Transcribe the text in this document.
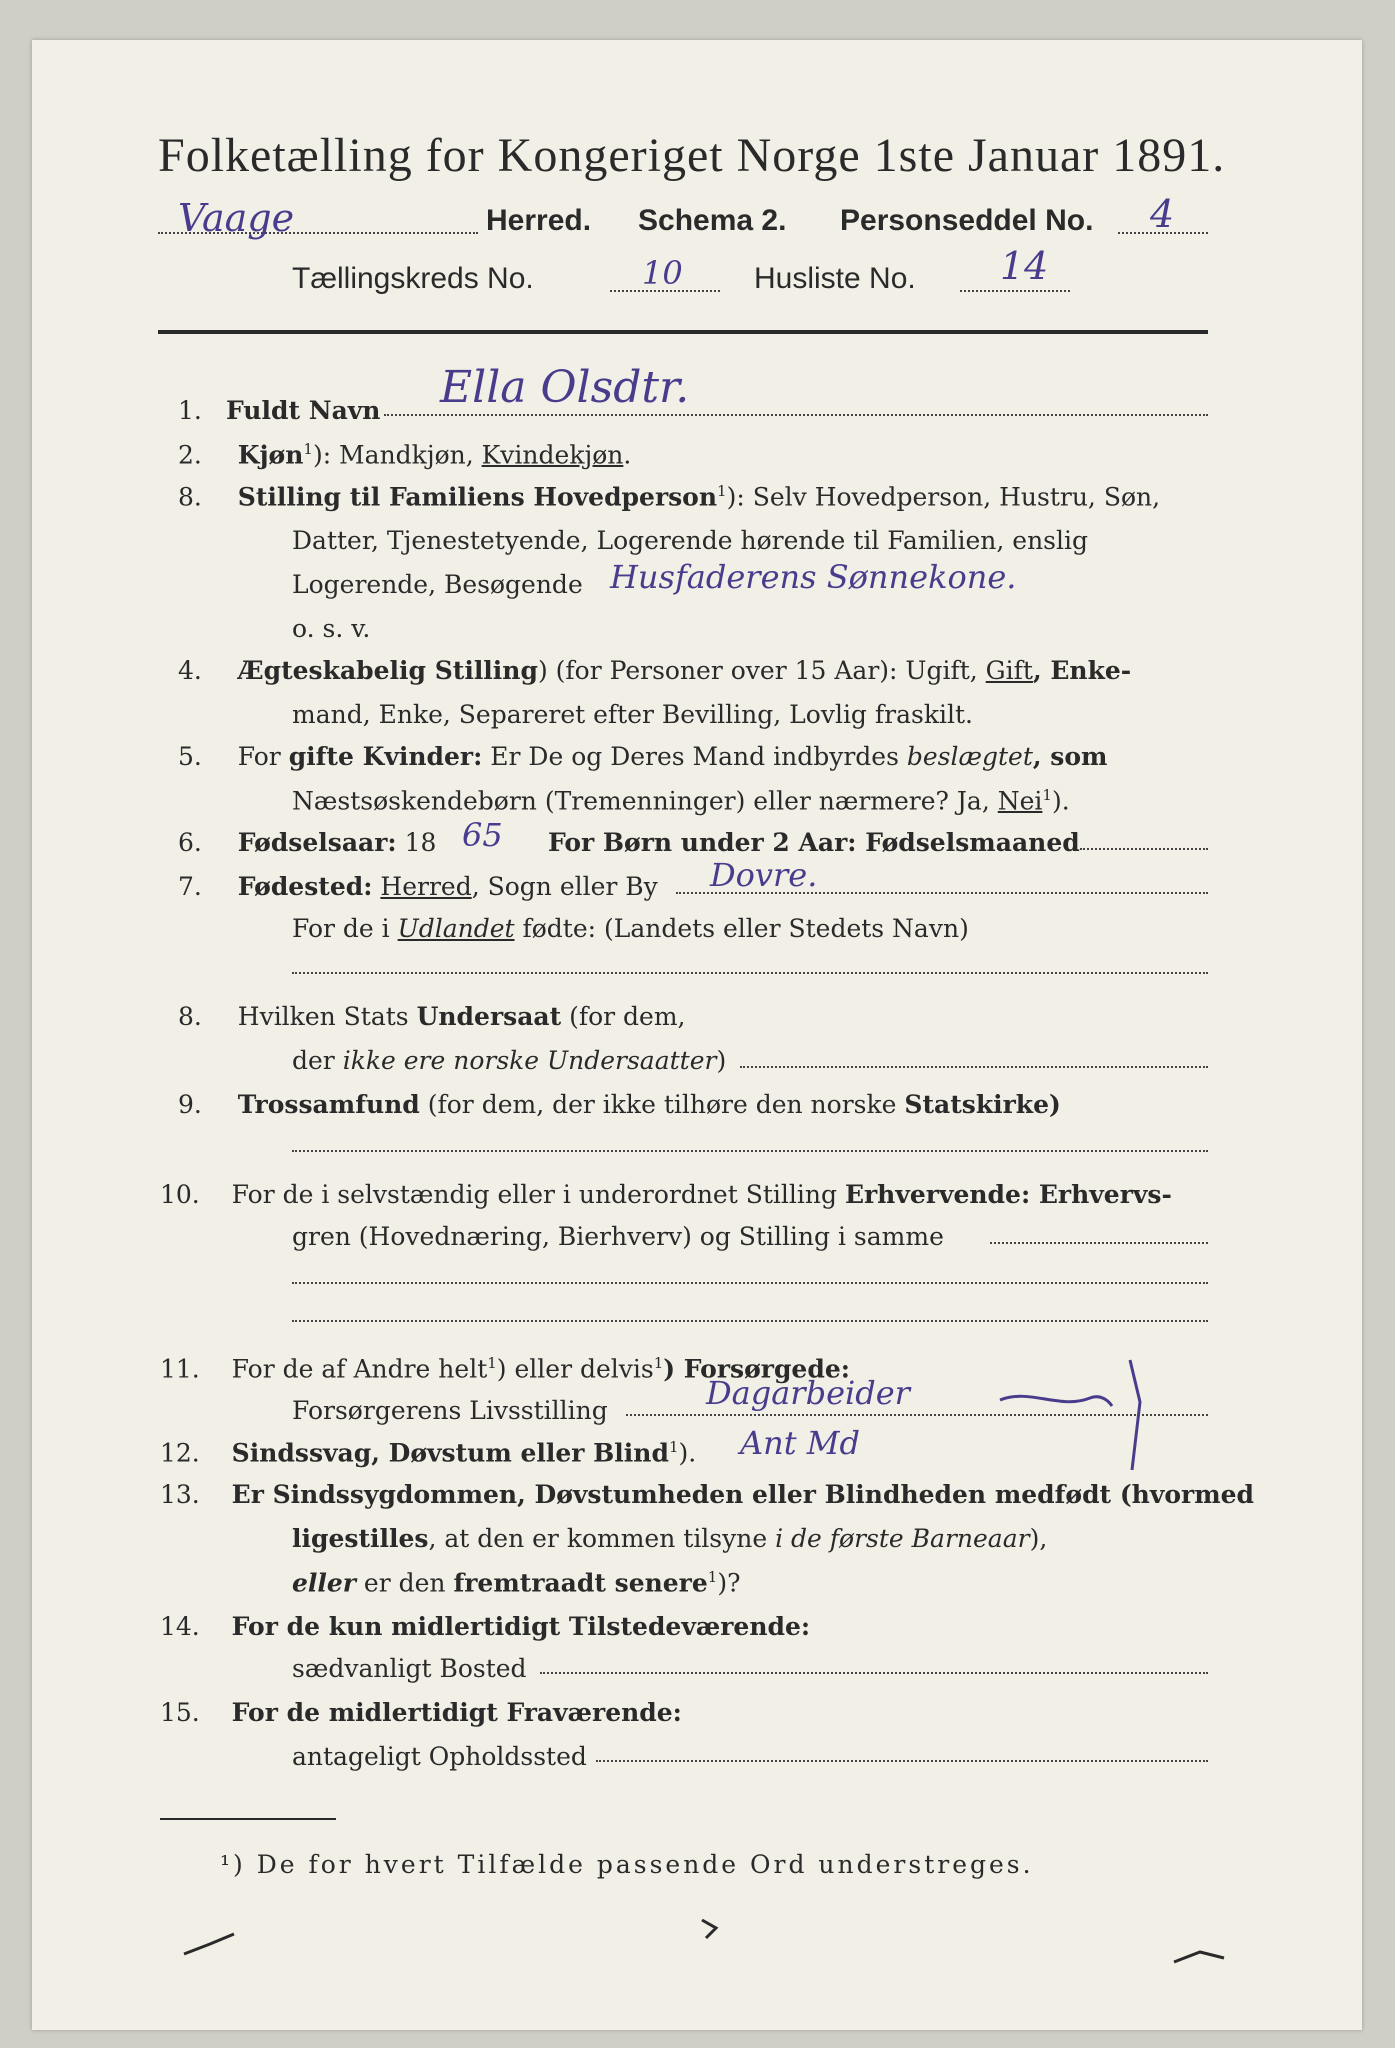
Folketælling for Kongeriget Norge 1ste Januar 1891.
Vaage	Herred. Schema 2. Personseddel No. 4
Tællingskreds No.	10 Husliste No. 14
1. Fuldt Navn Ella Olsdtr.
2. Kjøn$^1$): Mandkjøn, Kvindekjøn.
8. Stilling til Familiens Hovedperson$^1$): Selv Hovedperson, Hustru, Søn,
Datter, Tjenestetyende, Logerende hørende til Familien, enslig
Logerende, Besøgende Husfaderens Sønnekone.
o. s. v.
4. Ægteskabelig Stilling) (for Personer over 15 Aar): Ugift, Gift, Enke-
mand, Enke, Separeret efter Bevilling, Lovlig fraskilt.
5. For gifte Kvinder: Er De og Deres Mand indbyrdes beslægtet, som
Næstsøskendebørn (Tremenninger) eller nærmere? Ja, Nei$^1$).
6. Fødselsaar: 18 65 For Børn under 2 Aar: Fødselsmaaned
7. Fødested: Herred, Sogn eller By Dovre.
For de i Udlandet fødte: (Landets eller Stedets Navn)
8. Hvilken Stats Undersaat (for dem,
der ikke ere norske Undersaatter)
9. Trossamfund (for dem, der ikke tilhøre den norske Statskirke)
10. For de i selvstændig eller i underordnet Stilling Erhvervende: Erhvervs-
gren (Hovednæring, Bierhverv) og Stilling i samme
11. For de af Andre helt$^1$) eller delvis$^1$) Forsørgede:
Forsørgerens Livsstilling	Dagarbeider
12. Sindssvag, Døvstum eller Blind$^1$). Ant Md
13. Er Sindssygdommen, Døvstumheden eller Blindheden medfødt (hvormed
ligestilles, at den er kommen tilsyne i de første Barneaar),
eller er den fremtraadt senere$^1$)?
14. For de kun midlertidigt Tilstedeværende:
sædvanligt Bosted
15. For de midlertidigt Fraværende:
antageligt Opholdssted
¹) De for hvert Tilfælde passende Ord understreges.
